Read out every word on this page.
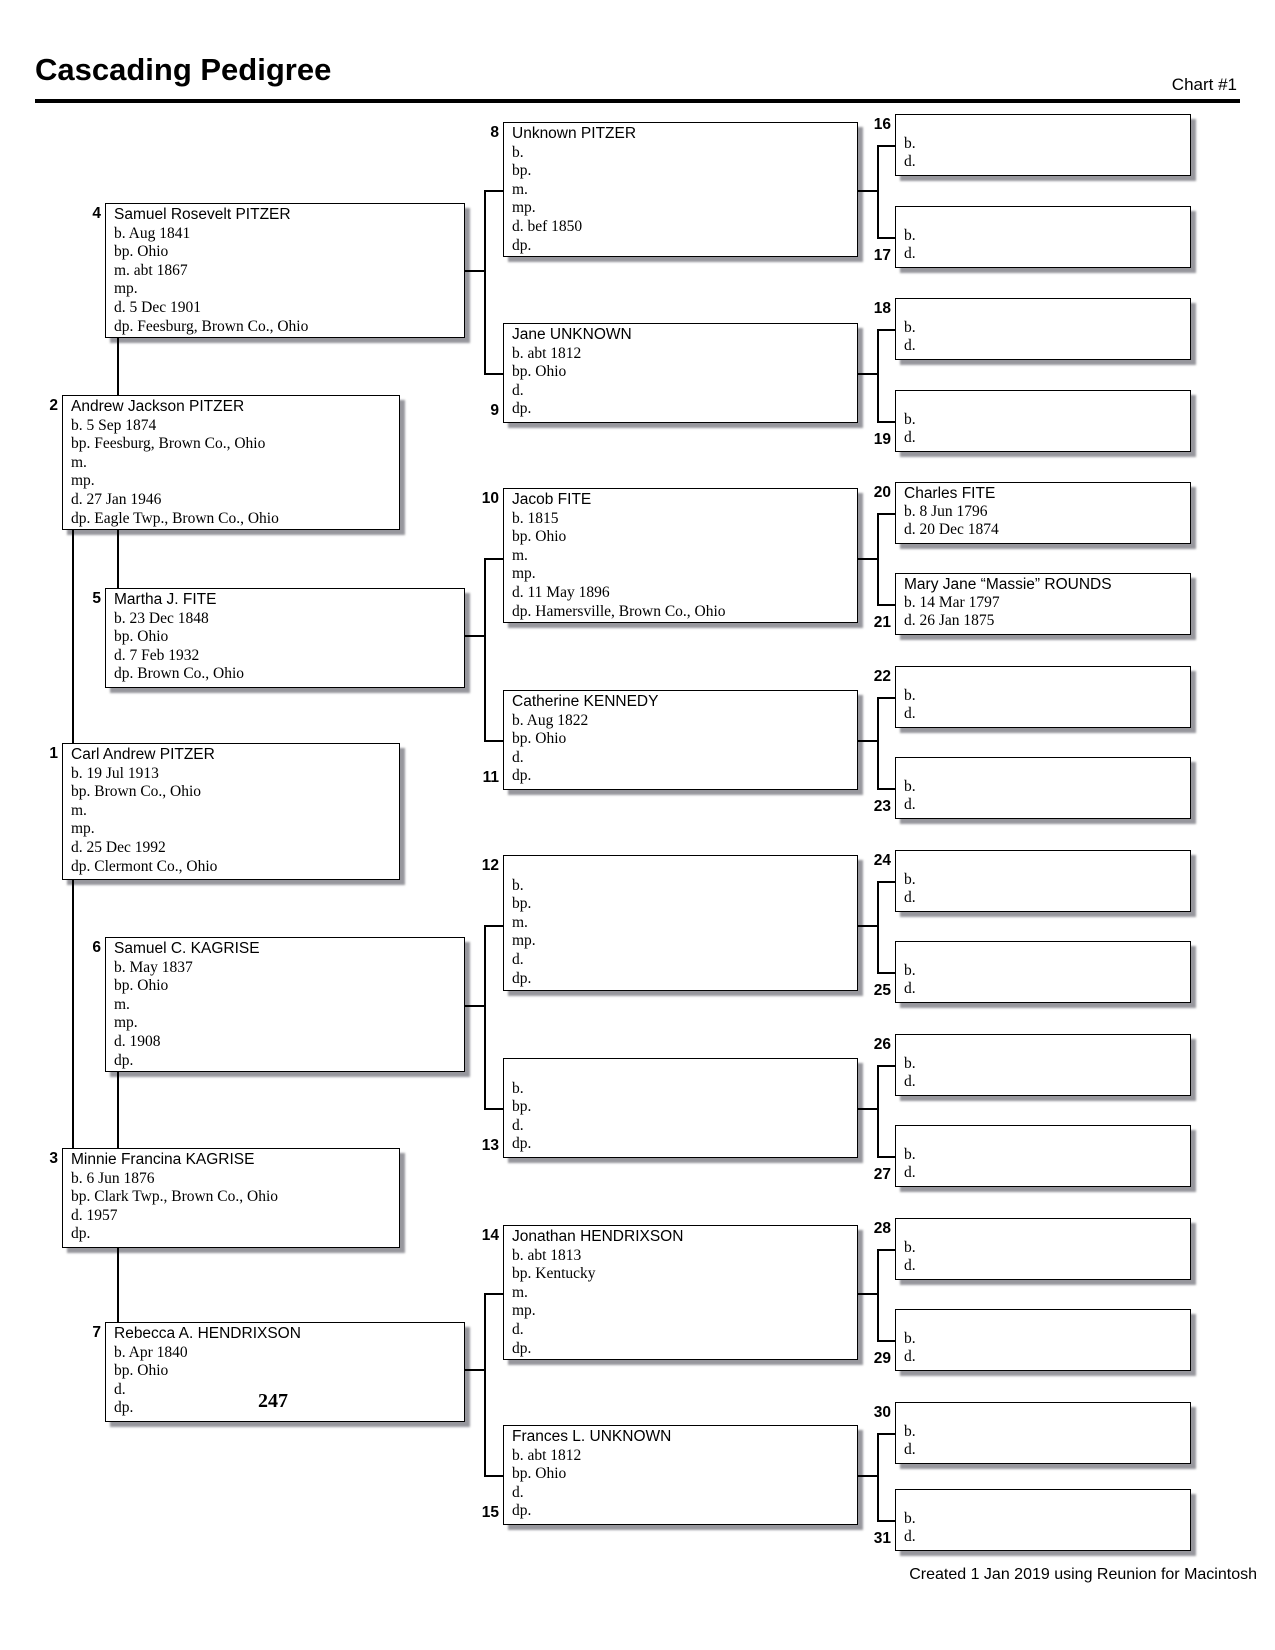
Cascading Pedigree	Chart #1
Carl Andrew PITZER
b. 19 Jul 1913
bp. Brown Co., Ohio
m.
mp.
d. 25 Dec 1992
dp. Clermont Co., Ohio
1
Andrew Jackson PITZER
b. 5 Sep 1874
bp. Feesburg, Brown Co., Ohio
m.
mp.
d. 27 Jan 1946
dp. Eagle Twp., Brown Co., Ohio
2
Minnie Francina KAGRISE
b. 6 Jun 1876
bp. Clark Twp., Brown Co., Ohio
d. 1957
dp.
3
Samuel Rosevelt PITZER
b. Aug 1841
bp. Ohio
m. abt 1867
mp.
d. 5 Dec 1901
dp. Feesburg, Brown Co., Ohio
4
Martha J. FITE
b. 23 Dec 1848
bp. Ohio
d. 7 Feb 1932
dp. Brown Co., Ohio
5
Samuel C. KAGRISE
b. May 1837
bp. Ohio
m.
mp.
d. 1908
dp.
6
Rebecca A. HENDRIXSON
b. Apr 1840
bp. Ohio
d.
dp.
7
Unknown PITZER
b.
bp.
m.
mp.
d. bef 1850
dp.
8
Jane UNKNOWN
b. abt 1812
bp. Ohio
d.
dp.
9
Jacob FITE
b. 1815
bp. Ohio
m.
mp.
d. 11 May 1896
dp. Hamersville, Brown Co., Ohio
10
Catherine KENNEDY
b. Aug 1822
bp. Ohio
d.
dp.
11
b.
bp.
m.
mp.
d.
dp.
12
b.
bp.
d.
dp.
13
Jonathan HENDRIXSON
b. abt 1813
bp. Kentucky
m.
mp.
d.
dp.
14
Frances L. UNKNOWN
b. abt 1812
bp. Ohio
d.
dp.
15
b.
d.
16
b.
d.
17
b.
d.
18
b.
d.
19
Charles FITE
b. 8 Jun 1796
d. 20 Dec 1874
20
Mary Jane “Massie” ROUNDS
b. 14 Mar 1797
d. 26 Jan 1875
21
b.
d.
22
b.
d.
23
b.
d.
24
b.
d.
25
b.
d.
26
b.
d.
27
b.
d.
28
b.
d.
29
b.
d.
30
b.
d.
31
247
Created 1 Jan 2019 using Reunion for Macintosh
